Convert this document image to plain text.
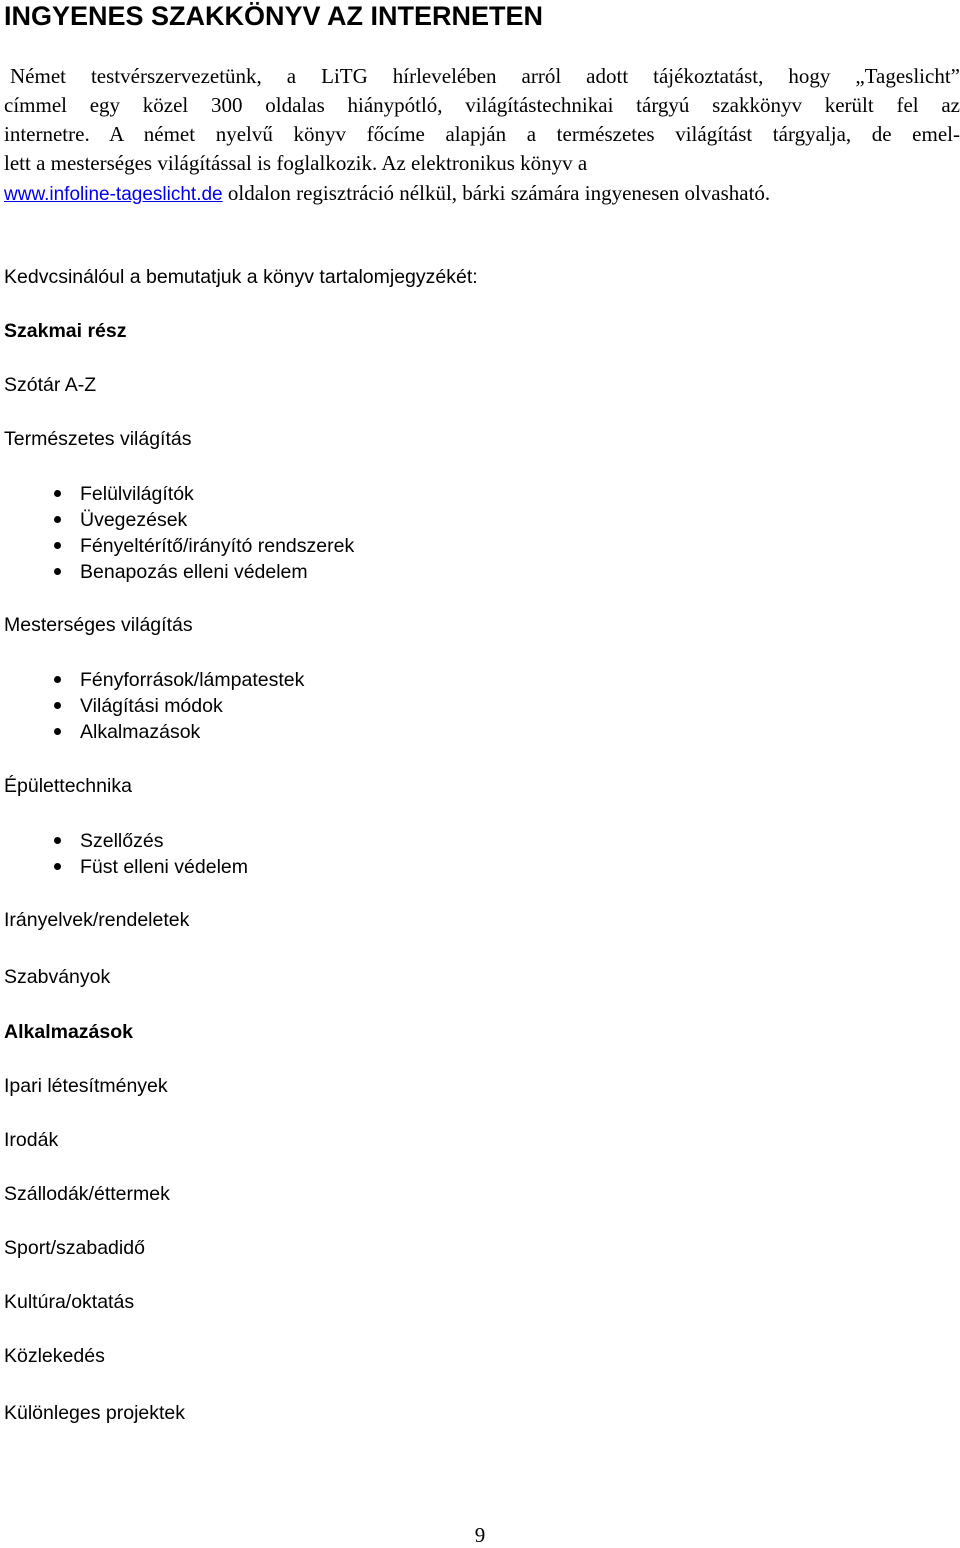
INGYENES SZAKKÖNYV AZ INTERNETEN
Német testvérszervezetünk, a LiTG hírlevelében arról adott tájékoztatást, hogy „Tageslicht”
címmel egy közel 300 oldalas hiánypótló, világítástechnikai tárgyú szakkönyv került fel az
internetre. A német nyelvű könyv főcíme alapján a természetes világítást tárgyalja, de emel-
lett a mesterséges világítással is foglalkozik. Az elektronikus könyv a
www.infoline-tageslicht.de oldalon regisztráció nélkül, bárki számára ingyenesen olvasható.
Kedvcsinálóul a bemutatjuk a könyv tartalomjegyzékét:
Szakmai rész
Szótár A-Z
Természetes világítás
Felülvilágítók
Üvegezések
Fényeltérítő/irányító rendszerek
Benapozás elleni védelem
Mesterséges világítás
Fényforrások/lámpatestek
Világítási módok
Alkalmazások
Épülettechnika
Szellőzés
Füst elleni védelem
Irányelvek/rendeletek
Szabványok
Alkalmazások
Ipari létesítmények
Irodák
Szállodák/éttermek
Sport/szabadidő
Kultúra/oktatás
Közlekedés
Különleges projektek
9
